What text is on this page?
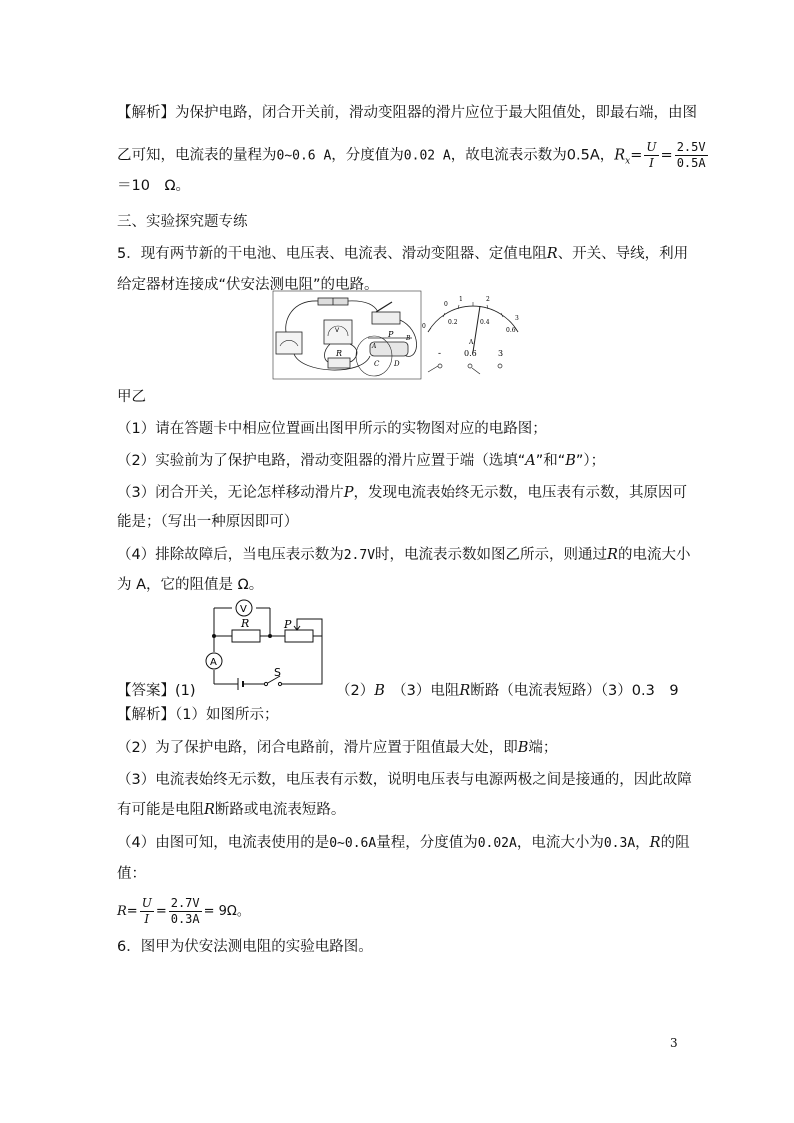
【解析】为保护电路，闭合开关前，滑动变阻器的滑片应位于最大阻值处，即最右端，由图
乙可知，电流表的量程为0~0.6 A，分度值为0.02 A，故电流表示数为0.5A，$R_x= \frac{U}{I} = \frac{2.5V}{0.5A}$
＝10　Ω。
三、实验探究题专练
5．现有两节新的干电池、电压表、电流表、滑动变阻器、定值电阻R、开关、导线，利用
给定器材连接成“伏安法测电阻”的电路。
V
R
P
A
B
C D
0
1	2
3
0
0.2	0.4
0.6
A
-	0.6	3
甲乙
（1）请在答题卡中相应位置画出图甲所示的实物图对应的电路图；
（2）实验前为了保护电路，滑动变阻器的滑片应置于端（选填“A”和“B”）；
（3）闭合开关，无论怎样移动滑片P，发现电流表始终无示数，电压表有示数，其原因可
能是；（写出一种原因即可）
（4）排除故障后，当电压表示数为2.7V时，电流表示数如图乙所示，则通过R的电流大小
为 A，它的阻值是 Ω。
V
R	P
A
S
【答案】(1)	（2）B　 （3）电阻R断路（电流表短路）（3）0.3　9
【解析】（1）如图所示；
（2）为了保护电路，闭合电路前，滑片应置于阻值最大处，即B端；
（3）电流表始终无示数，电压表有示数，说明电压表与电源两极之间是接通的，因此故障
有可能是电阻R断路或电流表短路。
（4）由图可知，电流表使用的是0~0.6A量程，分度值为0.02A，电流大小为0.3A，R的阻
值：
$R= \frac{U}{I} = \frac{2.7V}{0.3A} = 9\Omega$。
6．图甲为伏安法测电阻的实验电路图。
3
